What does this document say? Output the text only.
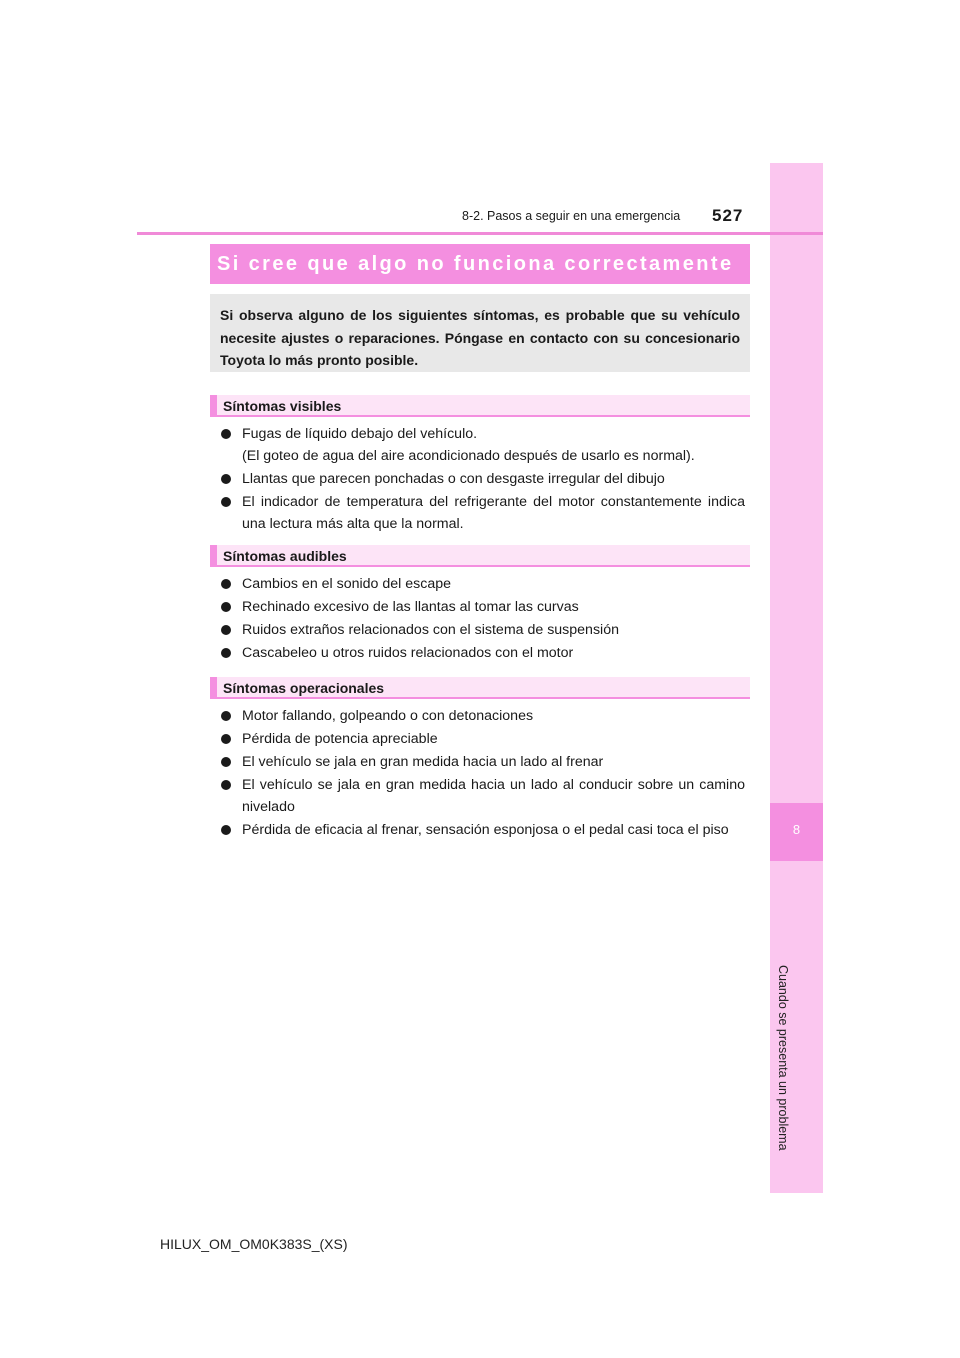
8
Cuando se presenta un problema
8-2. Pasos a seguir en una emergencia 527
Si cree que algo no funciona correctamente
Si observa alguno de los siguientes síntomas, es probable que su vehículo necesite ajustes o reparaciones. Póngase en contacto con su concesionario Toyota lo más pronto posible.
Síntomas visibles
Fugas de líquido debajo del vehículo.
(El goteo de agua del aire acondicionado después de usarlo es normal).
Llantas que parecen ponchadas o con desgaste irregular del dibujo
El indicador de temperatura del refrigerante del motor constantemente indica una lectura más alta que la normal.
Síntomas audibles
Cambios en el sonido del escape
Rechinado excesivo de las llantas al tomar las curvas
Ruidos extraños relacionados con el sistema de suspensión
Cascabeleo u otros ruidos relacionados con el motor
Síntomas operacionales
Motor fallando, golpeando o con detonaciones
Pérdida de potencia apreciable
El vehículo se jala en gran medida hacia un lado al frenar
El vehículo se jala en gran medida hacia un lado al conducir sobre un camino nivelado
Pérdida de eficacia al frenar, sensación esponjosa o el pedal casi toca el piso
HILUX_OM_OM0K383S_(XS)
